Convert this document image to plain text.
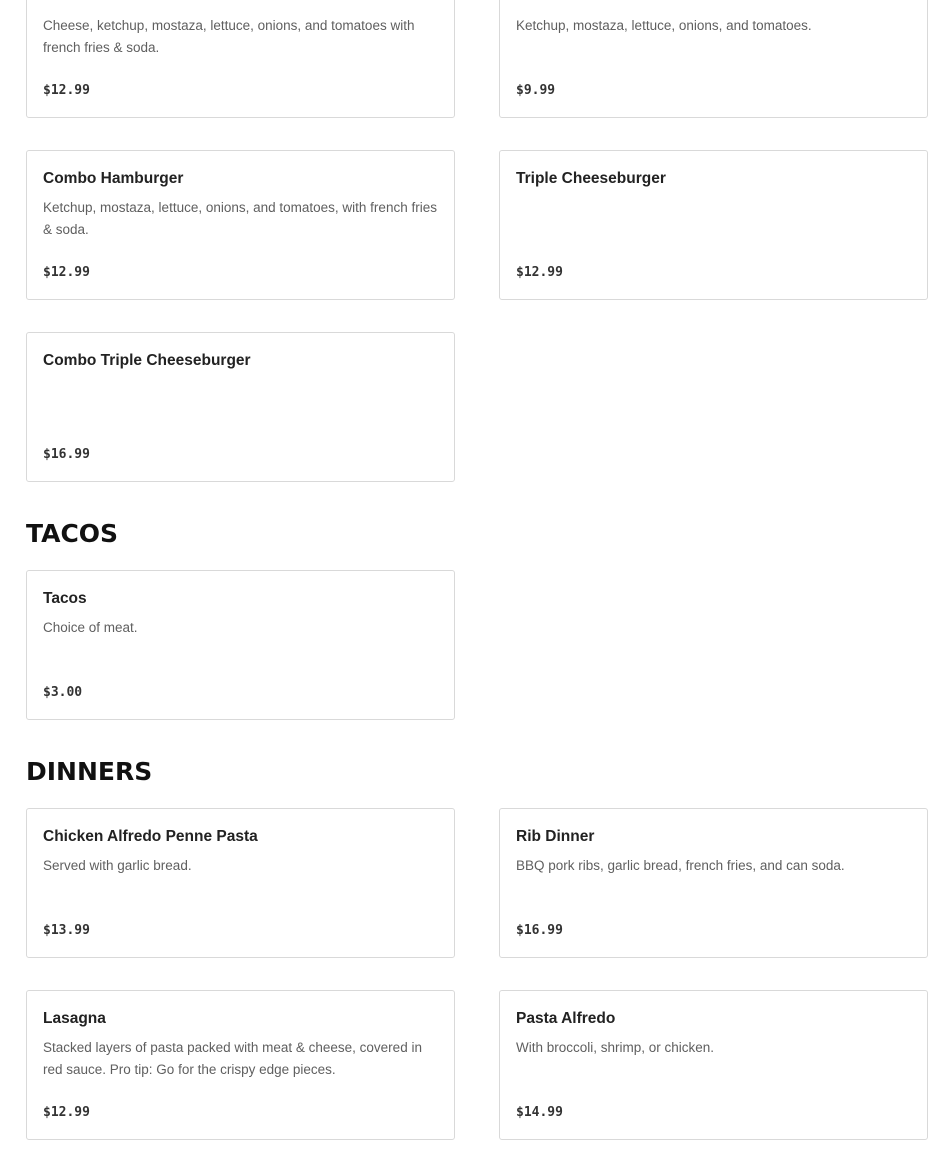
Cheese, ketchup, mostaza, lettuce, onions, and tomatoes with french fries & soda.
$12.99
Ketchup, mostaza, lettuce, onions, and tomatoes.
$9.99
Combo Hamburger
Ketchup, mostaza, lettuce, onions, and tomatoes, with french fries & soda.
$12.99
Triple Cheeseburger
$12.99
Combo Triple Cheeseburger
$16.99
TACOS
Tacos
Choice of meat.
$3.00
DINNERS
Chicken Alfredo Penne Pasta
Served with garlic bread.
$13.99
Rib Dinner
BBQ pork ribs, garlic bread, french fries, and can soda.
$16.99
Lasagna
Stacked layers of pasta packed with meat & cheese, covered in red sauce. Pro tip: Go for the crispy edge pieces.
$12.99
Pasta Alfredo
With broccoli, shrimp, or chicken.
$14.99
